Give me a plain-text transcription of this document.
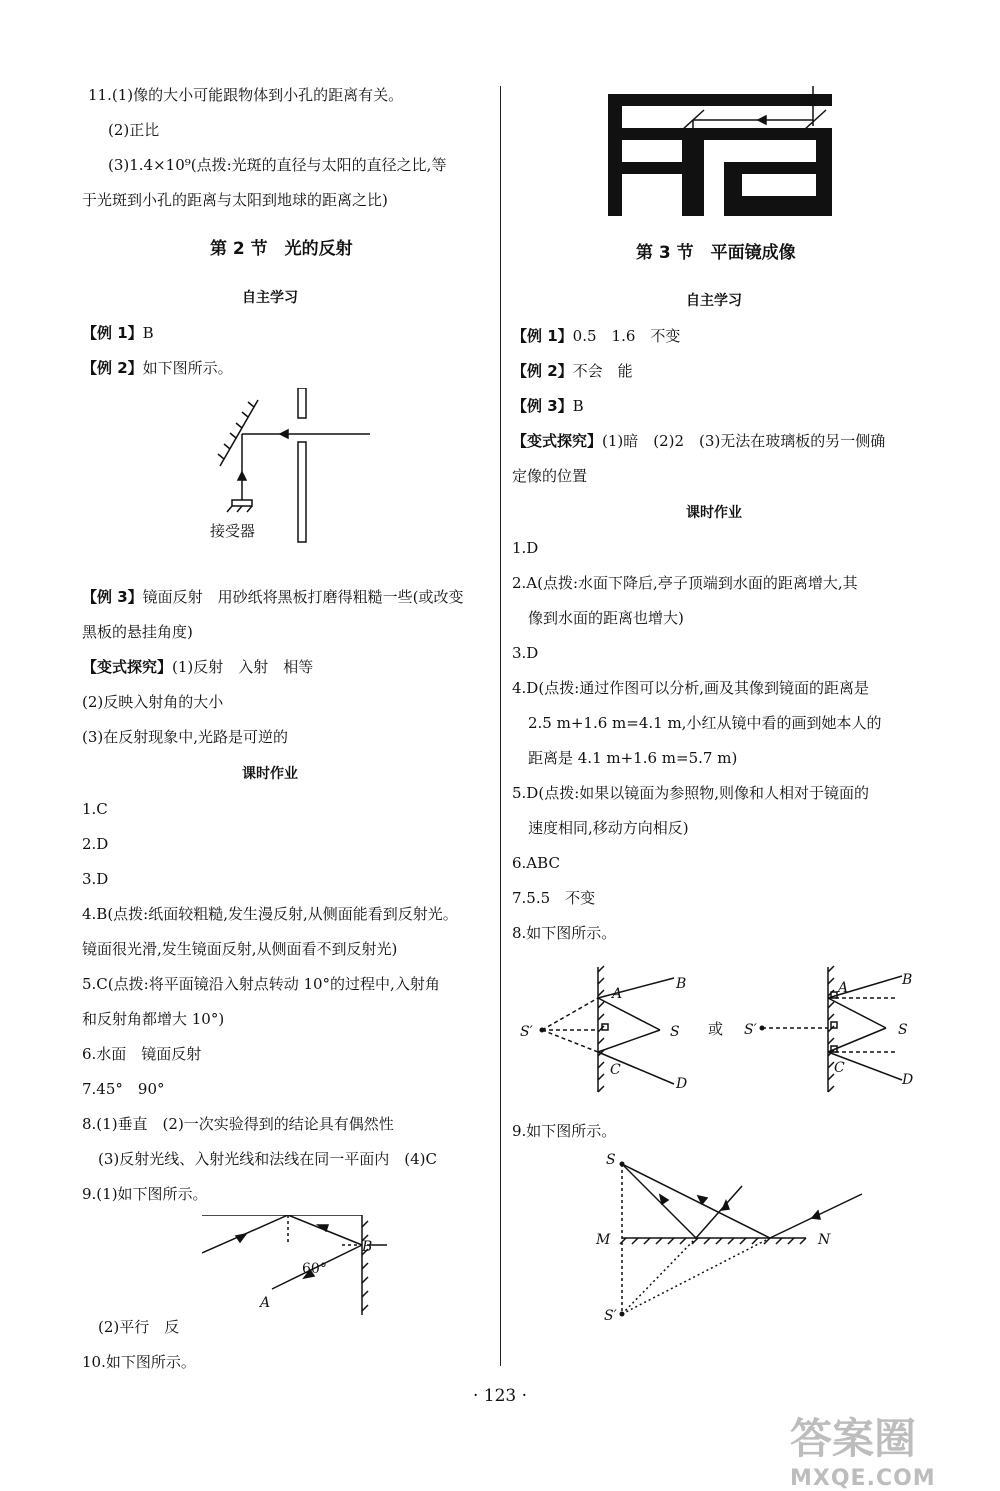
11.(1)像的大小可能跟物体到小孔的距离有关。
(2)正比
(3)1.4×10⁹(点拨:光斑的直径与太阳的直径之比,等
于光斑到小孔的距离与太阳到地球的距离之比)
第 2 节　光的反射
自主学习
【例 1】B
【例 2】如下图所示。
接受器
【例 3】镜面反射　用砂纸将黑板打磨得粗糙一些(或改变
黑板的悬挂角度)
【变式探究】(1)反射　入射　相等
(2)反映入射角的大小
(3)在反射现象中,光路是可逆的
课时作业
1.C
2.D
3.D
4.B(点拨:纸面较粗糙,发生漫反射,从侧面能看到反射光。
镜面很光滑,发生镜面反射,从侧面看不到反射光)
5.C(点拨:将平面镜沿入射点转动 10°的过程中,入射角
和反射角都增大 10°)
6.水面　镜面反射
7.45°　90°
8.(1)垂直　(2)一次实验得到的结论具有偶然性
(3)反射光线、入射光线和法线在同一平面内　(4)C
9.(1)如下图所示。
B
A
60°
(2)平行　反
10.如下图所示。
第 3 节　平面镜成像
自主学习
【例 1】0.5　1.6　不变
【例 2】不会　能
【例 3】B
【变式探究】(1)暗　(2)2　(3)无法在玻璃板的另一侧确
定像的位置
课时作业
1.D
2.A(点拨:水面下降后,亭子顶端到水面的距离增大,其
像到水面的距离也增大)
3.D
4.D(点拨:通过作图可以分析,画及其像到镜面的距离是
2.5 m+1.6 m=4.1 m,小红从镜中看的画到她本人的
距离是 4.1 m+1.6 m=5.7 m)
5.D(点拨:如果以镜面为参照物,则像和人相对于镜面的
速度相同,移动方向相反)
6.ABC
7.5.5　不变
8.如下图所示。
A
B
C
D
S
S′	或
A	B
C
D
S
S′
9.如下图所示。
S
S′
M	N
· 123 ·
答案圈
MXQE.COM
